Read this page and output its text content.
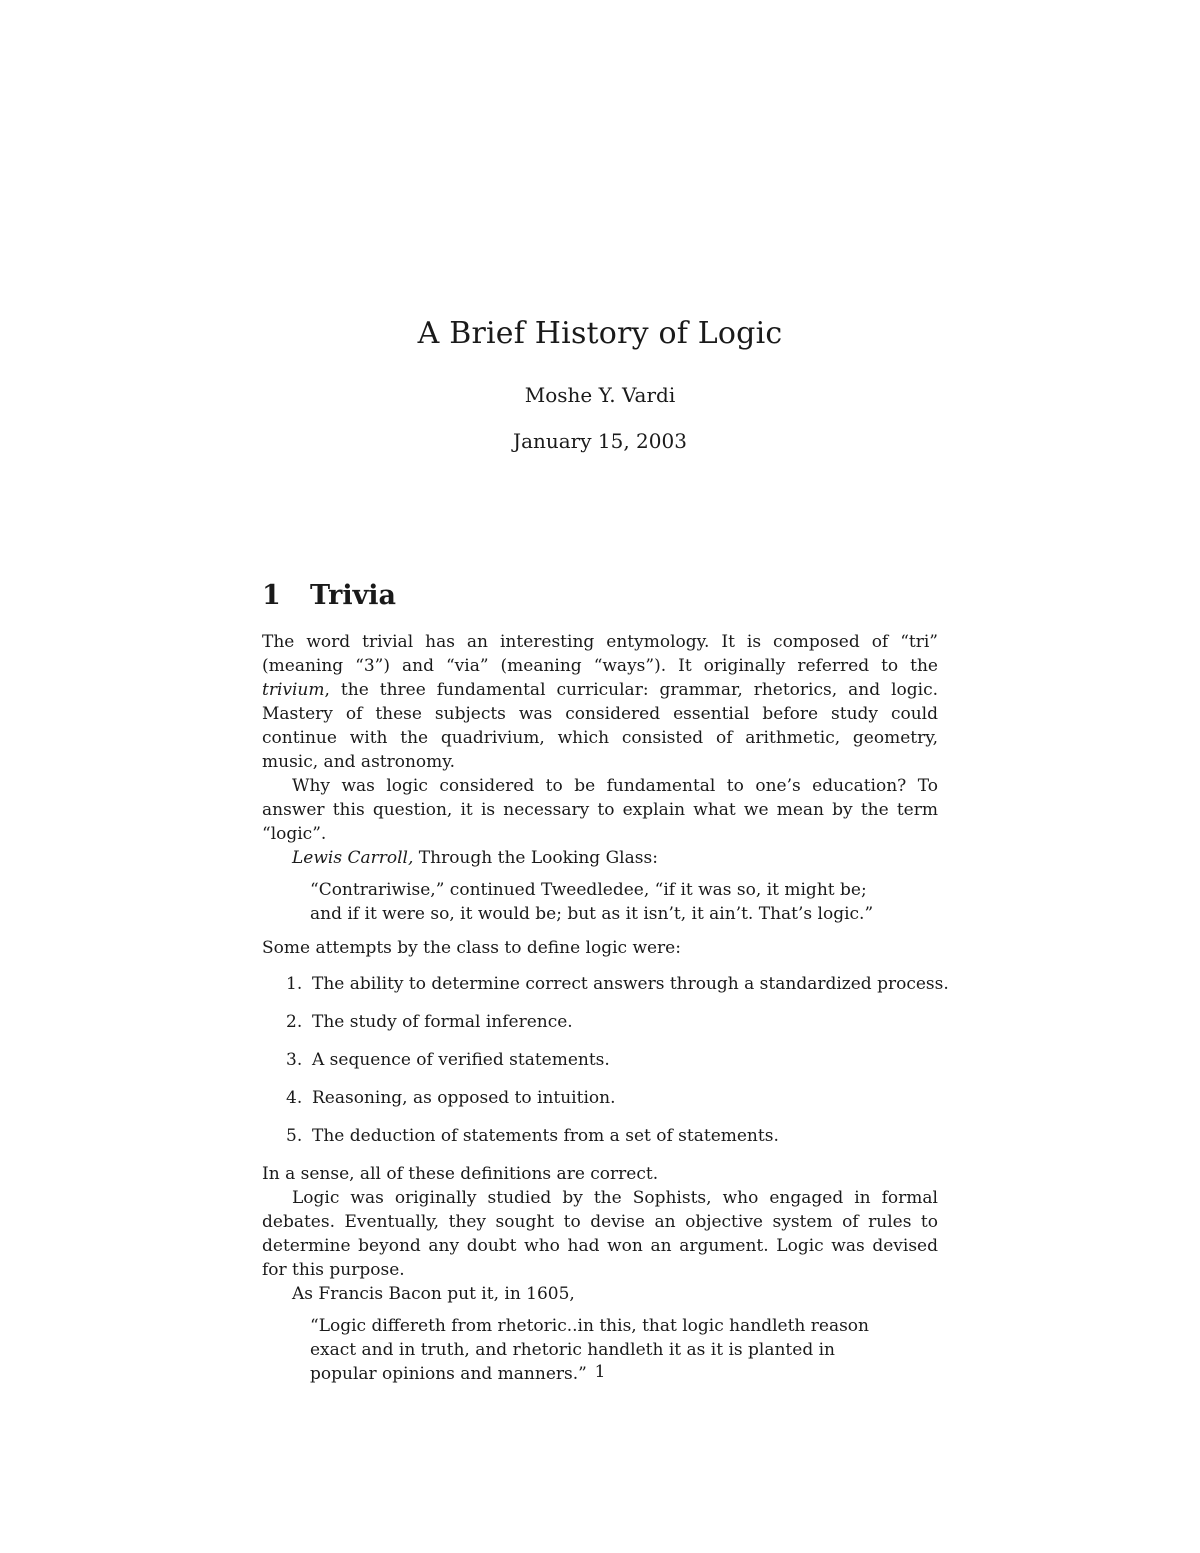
A Brief History of Logic
Moshe Y. Vardi
January 15, 2003
1 Trivia

The word trivial has an interesting entymology. It is composed of “tri” (meaning “3”) and “via” (meaning “ways”). It originally referred to the trivium, the three fundamental curricular: grammar, rhetorics, and logic. Mastery of these subjects was considered essential before study could continue with the quadrivium, which consisted of arithmetic, geometry, music, and astronomy.

Why was logic considered to be fundamental to one’s education? To answer this question, it is necessary to explain what we mean by the term “logic”.

Lewis Carroll, Through the Looking Glass:

“Contrariwise,” continued Tweedledee, “if it was so, it might be; and if it were so, it would be; but as it isn’t, it ain’t. That’s logic.”

Some attempts by the class to define logic were:

1. The ability to determine correct answers through a standardized process.
2. The study of formal inference.
3. A sequence of verified statements.
4. Reasoning, as opposed to intuition.
5. The deduction of statements from a set of statements.

In a sense, all of these definitions are correct.

Logic was originally studied by the Sophists, who engaged in formal debates. Eventually, they sought to devise an objective system of rules to determine beyond any doubt who had won an argument. Logic was devised for this purpose.

As Francis Bacon put it, in 1605,

“Logic differeth from rhetoric..in this, that logic handleth reason exact and in truth, and rhetoric handleth it as it is planted in popular opinions and manners.” 1
